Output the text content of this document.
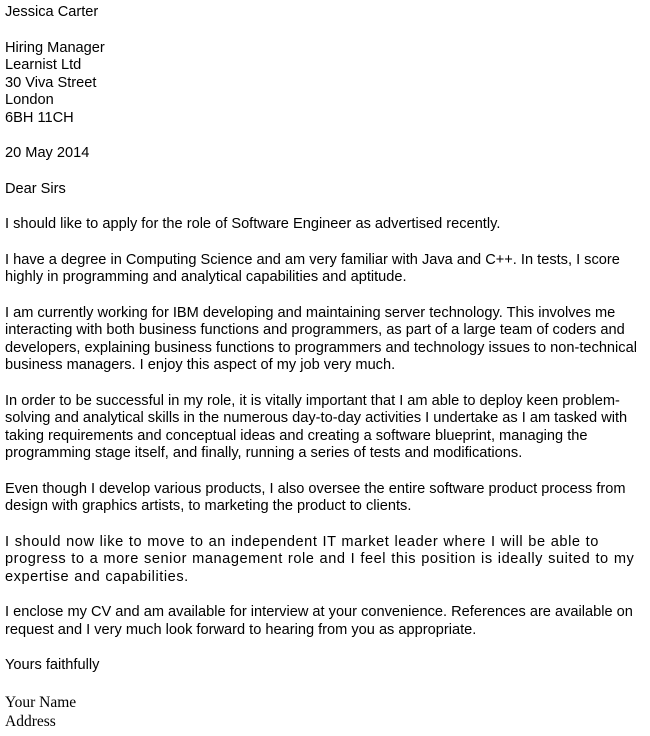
Jessica Carter
Hiring Manager
Learnist Ltd
30 Viva Street
London
6BH 11CH
20 May 2014
Dear Sirs

I should like to apply for the role of Software Engineer as advertised recently.

I have a degree in Computing Science and am very familiar with Java and C++. In tests, I score highly in programming and analytical capabilities and aptitude.

I am currently working for IBM developing and maintaining server technology. This involves me interacting with both business functions and programmers, as part of a large team of coders and developers, explaining business functions to programmers and technology issues to non-technical business managers. I enjoy this aspect of my job very much.

In order to be successful in my role, it is vitally important that I am able to deploy keen problem-solving and analytical skills in the numerous day-to-day activities I undertake as I am tasked with taking requirements and conceptual ideas and creating a software blueprint, managing the programming stage itself, and finally, running a series of tests and modifications.

Even though I develop various products, I also oversee the entire software product process from design with graphics artists, to marketing the product to clients.

I should now like to move to an independent IT market leader where I will be able to progress to a more senior management role and I feel this position is ideally suited to my expertise and capabilities.

I enclose my CV and am available for interview at your convenience. References are available on request and I very much look forward to hearing from you as appropriate.

Yours faithfully
Your Name
Address
